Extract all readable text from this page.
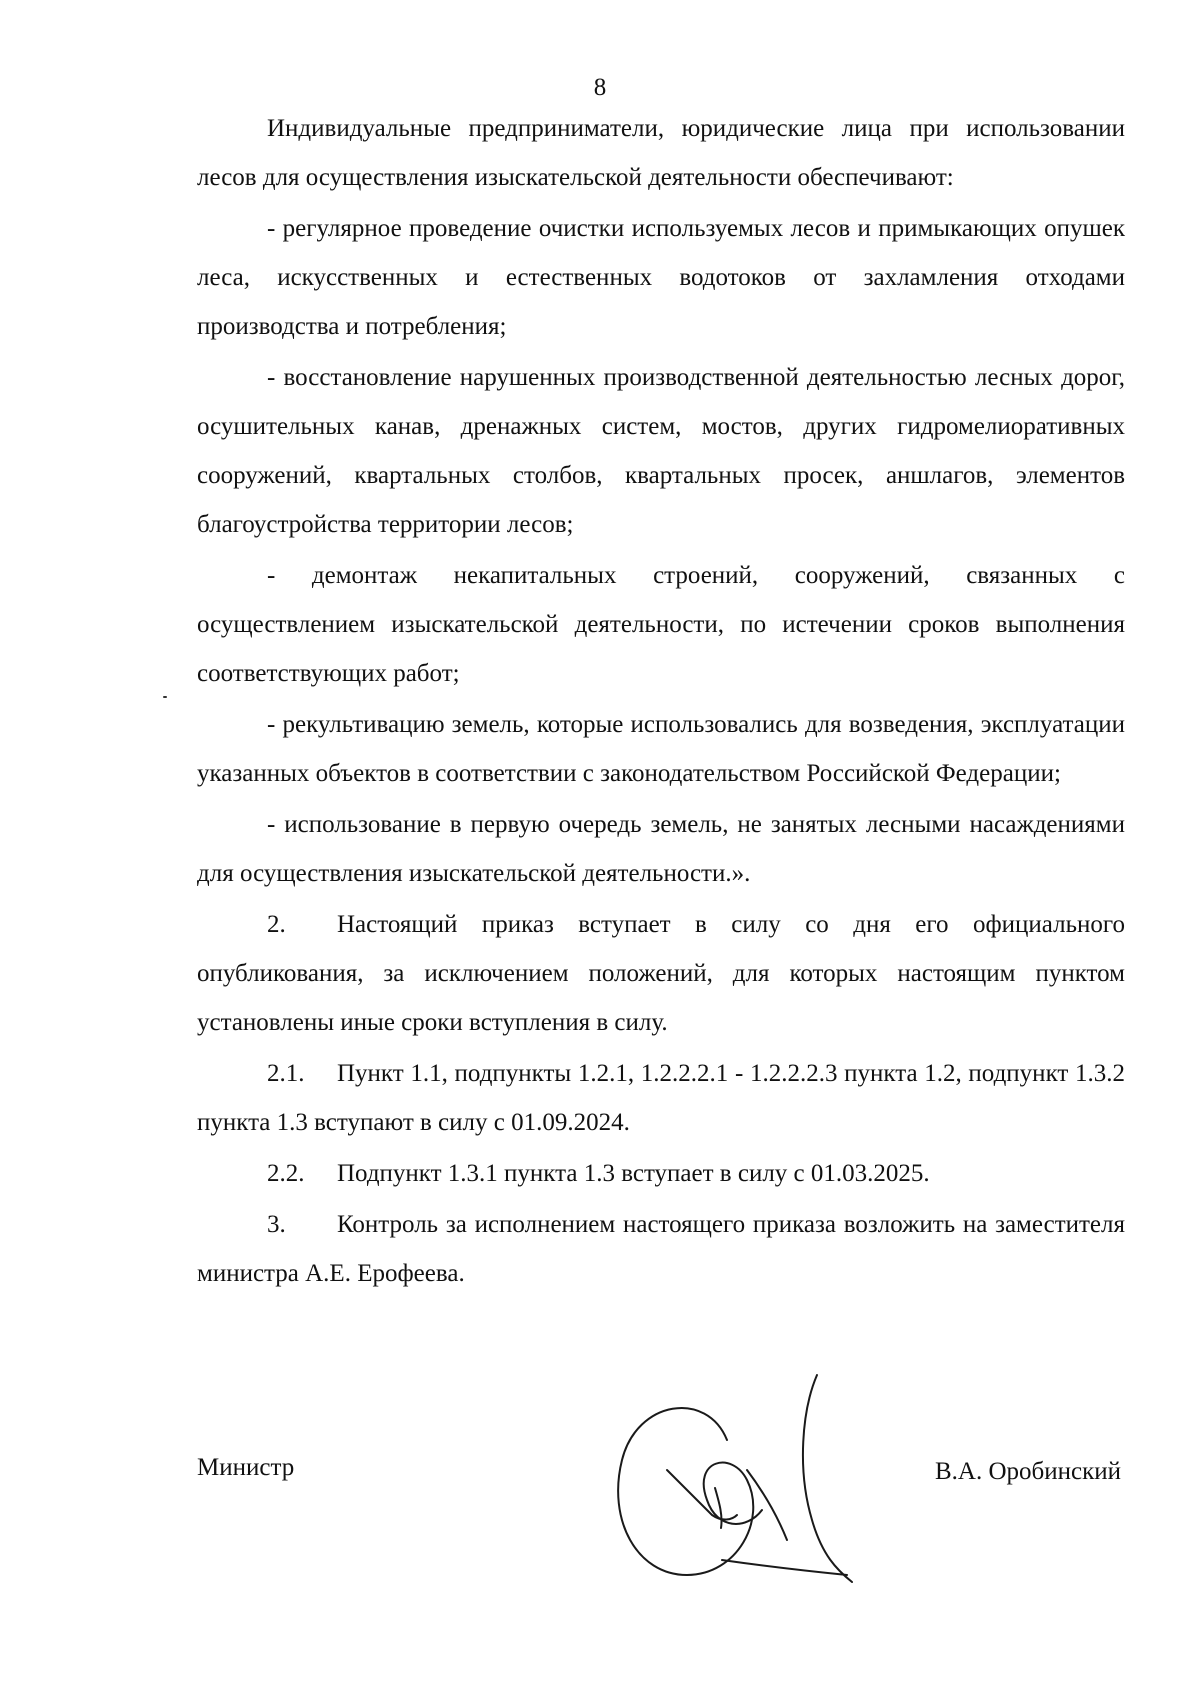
8

Индивидуальные предприниматели, юридические лица при использовании лесов для осуществления изыскательской деятельности обеспечивают:

- регулярное проведение очистки используемых лесов и примыкающих опушек леса, искусственных и естественных водотоков от захламления отходами производства и потребления;

- восстановление нарушенных производственной деятельностью лесных дорог, осушительных канав, дренажных систем, мостов, других гидромелиоративных сооружений, квартальных столбов, квартальных просек, аншлагов, элементов благоустройства территории лесов;

- демонтаж некапитальных строений, сооружений, связанных с осуществлением изыскательской деятельности, по истечении сроков выполнения соответствующих работ;

- рекультивацию земель, которые использовались для возведения, эксплуатации указанных объектов в соответствии с законодательством Российской Федерации;

- использование в первую очередь земель, не занятых лесными насаждениями для осуществления изыскательской деятельности.».

2. Настоящий приказ вступает в силу со дня его официального опубликования, за исключением положений, для которых настоящим пунктом установлены иные сроки вступления в силу.

2.1. Пункт 1.1, подпункты 1.2.1, 1.2.2.2.1 - 1.2.2.2.3 пункта 1.2, подпункт 1.3.2 пункта 1.3 вступают в силу с 01.09.2024.

2.2. Подпункт 1.3.1 пункта 1.3 вступает в силу с 01.03.2025.

3. Контроль за исполнением настоящего приказа возложить на заместителя министра А.Е. Ерофеева.

Министр	В.А. Оробинский
